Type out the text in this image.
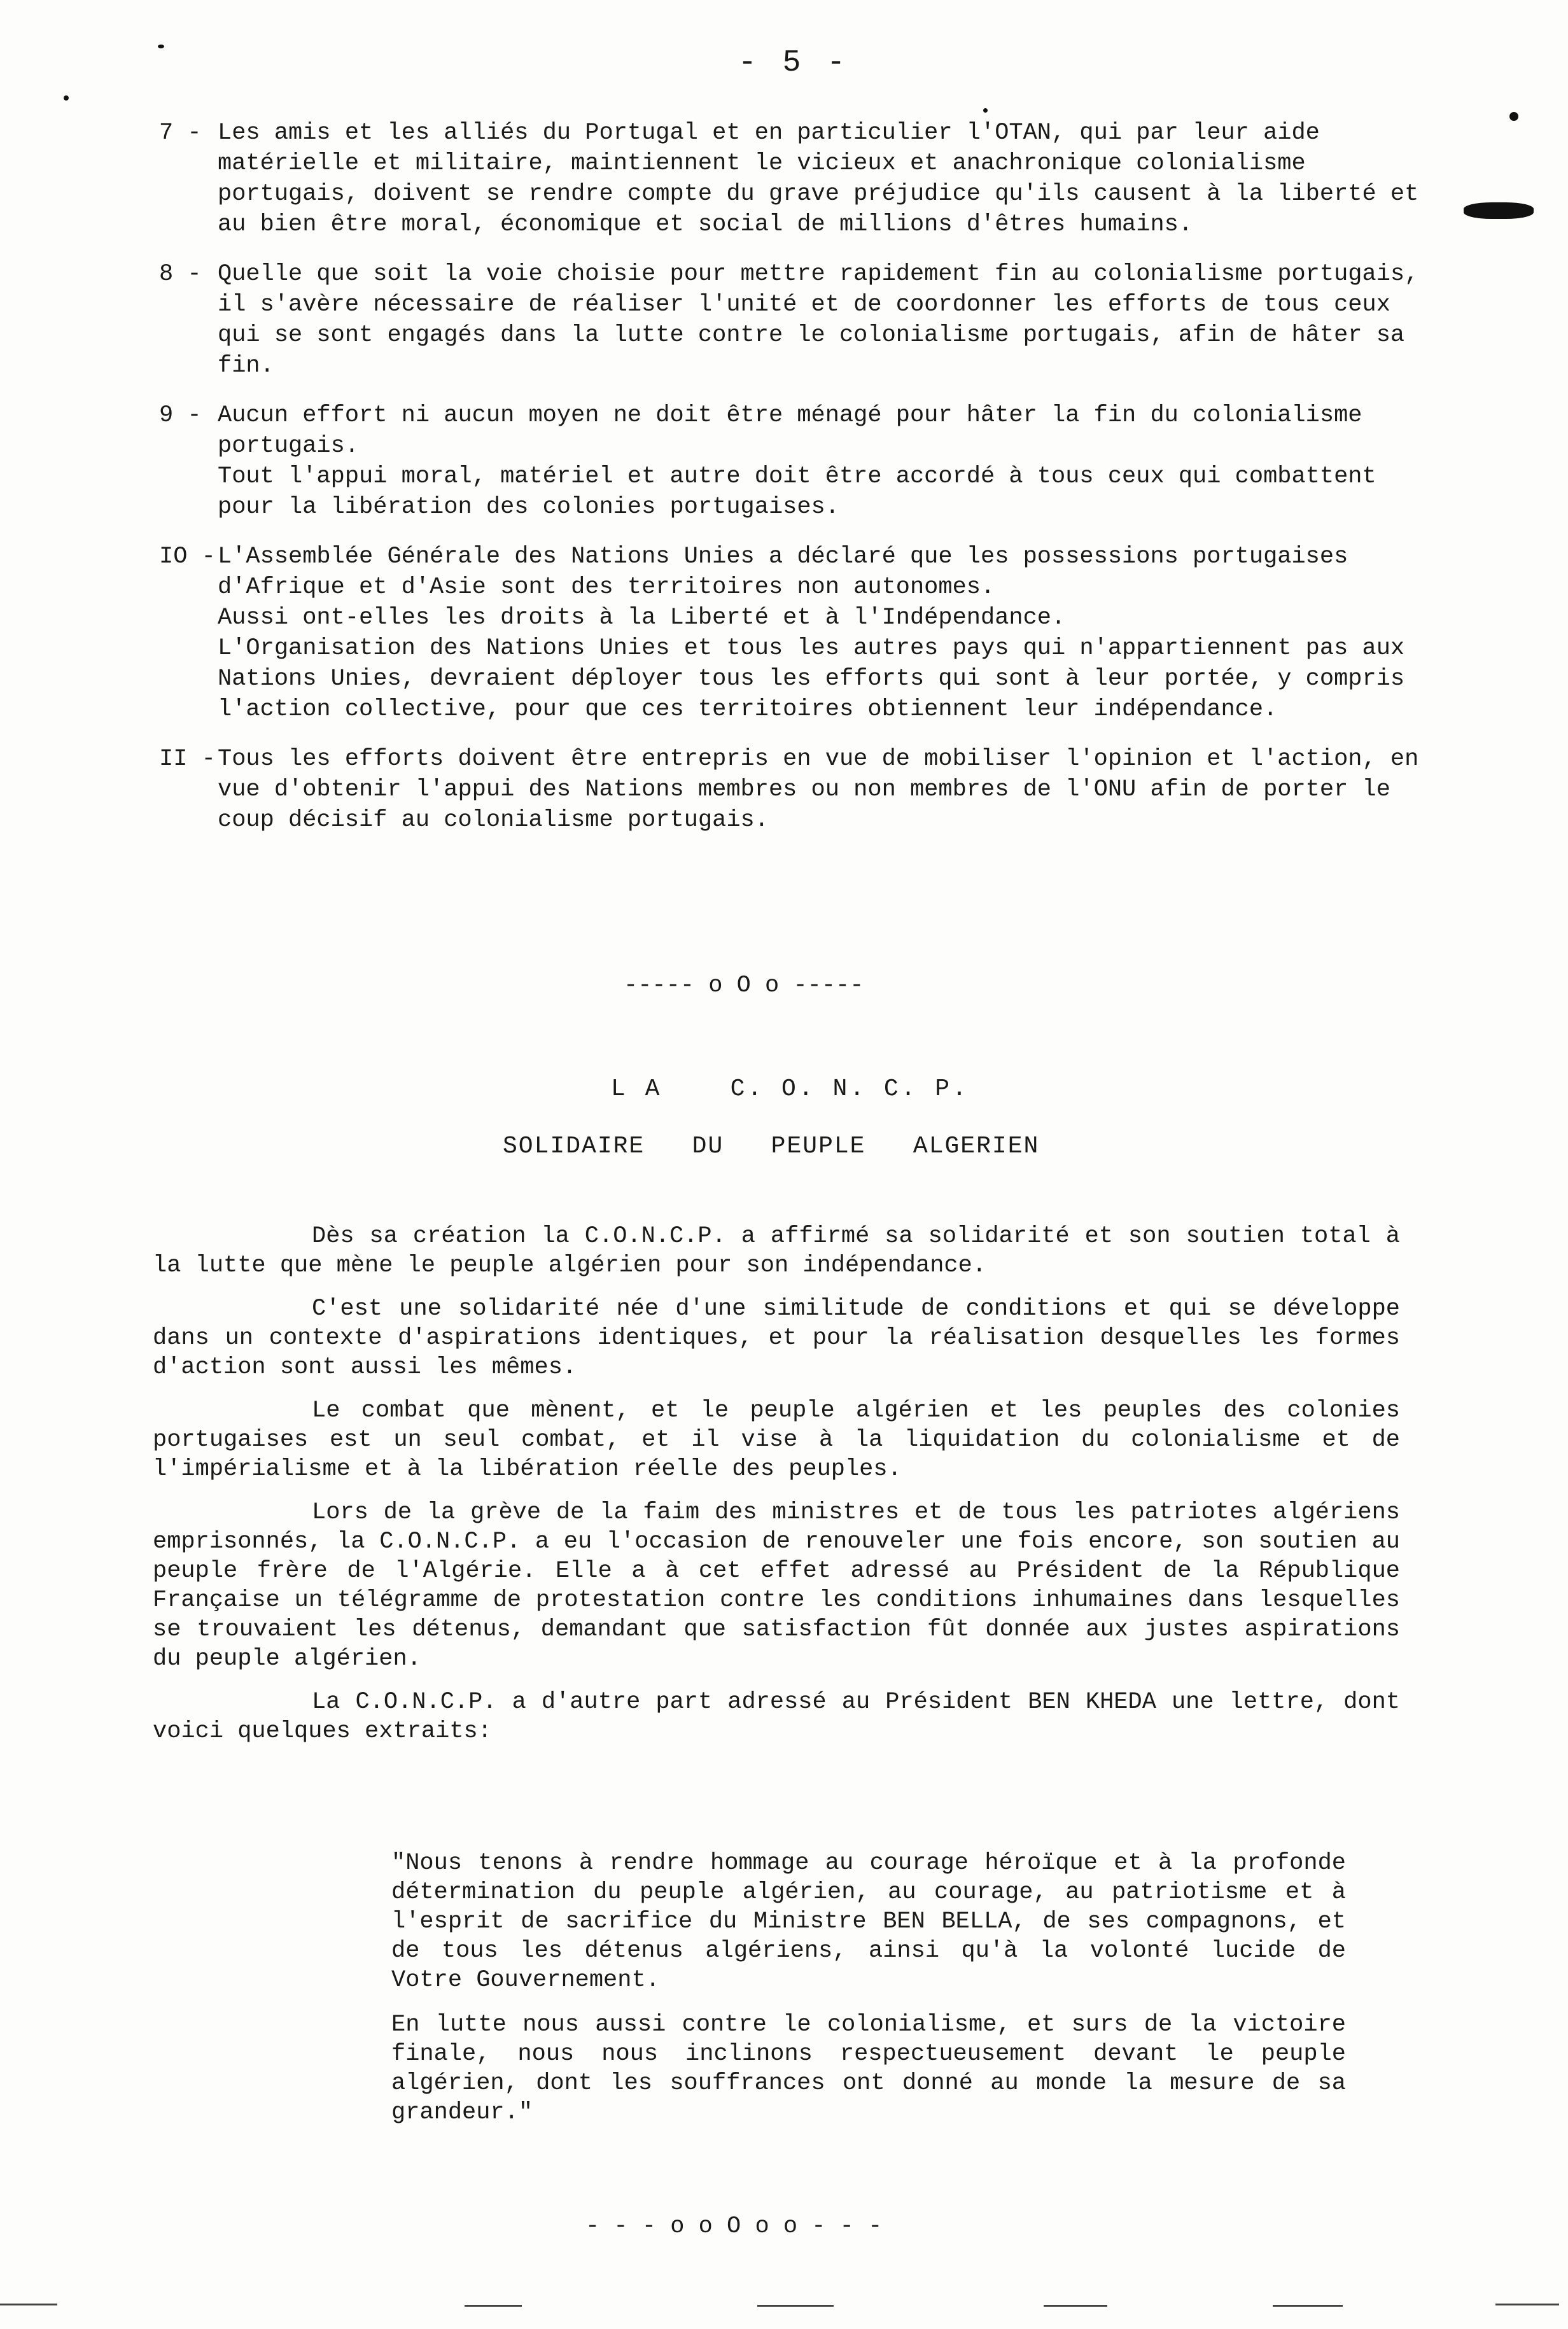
- 5 -
7 - Les amis et les alliés du Portugal et en particulier l'OTAN, qui par leur aide matérielle et militaire, maintiennent le vicieux et anachronique colonialisme portugais, doivent se rendre compte du grave préjudice qu'ils causent à la liberté et au bien être moral, économique et social de millions d'êtres humains.

8 - Quelle que soit la voie choisie pour mettre rapidement fin au colonialisme portugais, il s'avère nécessaire de réaliser l'unité et de coordonner les efforts de tous ceux qui se sont engagés dans la lutte contre le colonialisme portugais, afin de hâter sa fin.

9 - Aucun effort ni aucun moyen ne doit être ménagé pour hâter la fin du colonialisme portugais.

Tout l'appui moral, matériel et autre doit être accordé à tous ceux qui combattent pour la libération des colonies portugaises.

IO - L'Assemblée Générale des Nations Unies a déclaré que les possessions portugaises d'Afrique et d'Asie sont des territoires non autonomes.

Aussi ont-elles les droits à la Liberté et à l'Indépendance.

L'Organisation des Nations Unies et tous les autres pays qui n'appartiennent pas aux Nations Unies, devraient déployer tous les efforts qui sont à leur portée, y compris l'action collective, pour que ces territoires obtiennent leur indépendance.

II - Tous les efforts doivent être entrepris en vue de mobiliser l'opinion et l'action, en vue d'obtenir l'appui des Nations membres ou non membres de l'ONU afin de porter le coup décisif au colonialisme portugais.

----- o O o -----
L A    C. O. N. C. P.
SOLIDAIRE   DU   PEUPLE   ALGERIEN

Dès sa création la C.O.N.C.P. a affirmé sa solidarité et son soutien total à la lutte que mène le peuple algérien pour son indépendance.

C'est une solidarité née d'une similitude de conditions et qui se développe dans un contexte d'aspirations identiques, et pour la réalisation desquelles les formes d'action sont aussi les mêmes.

Le combat que mènent, et le peuple algérien et les peuples des colonies portugaises est un seul combat, et il vise à la liquidation du colonialisme et de l'impérialisme et à la libération réelle des peuples.

Lors de la grève de la faim des ministres et de tous les patriotes algériens emprisonnés, la C.O.N.C.P. a eu l'occasion de renouveler une fois encore, son soutien au peuple frère de l'Algérie. Elle a à cet effet adressé au Président de la République Française un télégramme de protestation contre les conditions inhumaines dans lesquelles se trouvaient les détenus, demandant que satisfaction fût donnée aux justes aspirations du peuple algérien.

La C.O.N.C.P. a d'autre part adressé au Président BEN KHEDA une lettre, dont voici quelques extraits:

"Nous tenons à rendre hommage au courage héroïque et à la profonde détermination du peuple algérien, au courage, au patriotisme et à l'esprit de sacrifice du Ministre BEN BELLA, de ses compagnons, et de tous les détenus algériens, ainsi qu'à la volonté lucide de Votre Gouvernement.

En lutte nous aussi contre le colonialisme, et surs de la victoire finale, nous nous inclinons respectueusement devant le peuple algérien, dont les souffrances ont donné au monde la mesure de sa grandeur."

- - - o o O o o - - -
